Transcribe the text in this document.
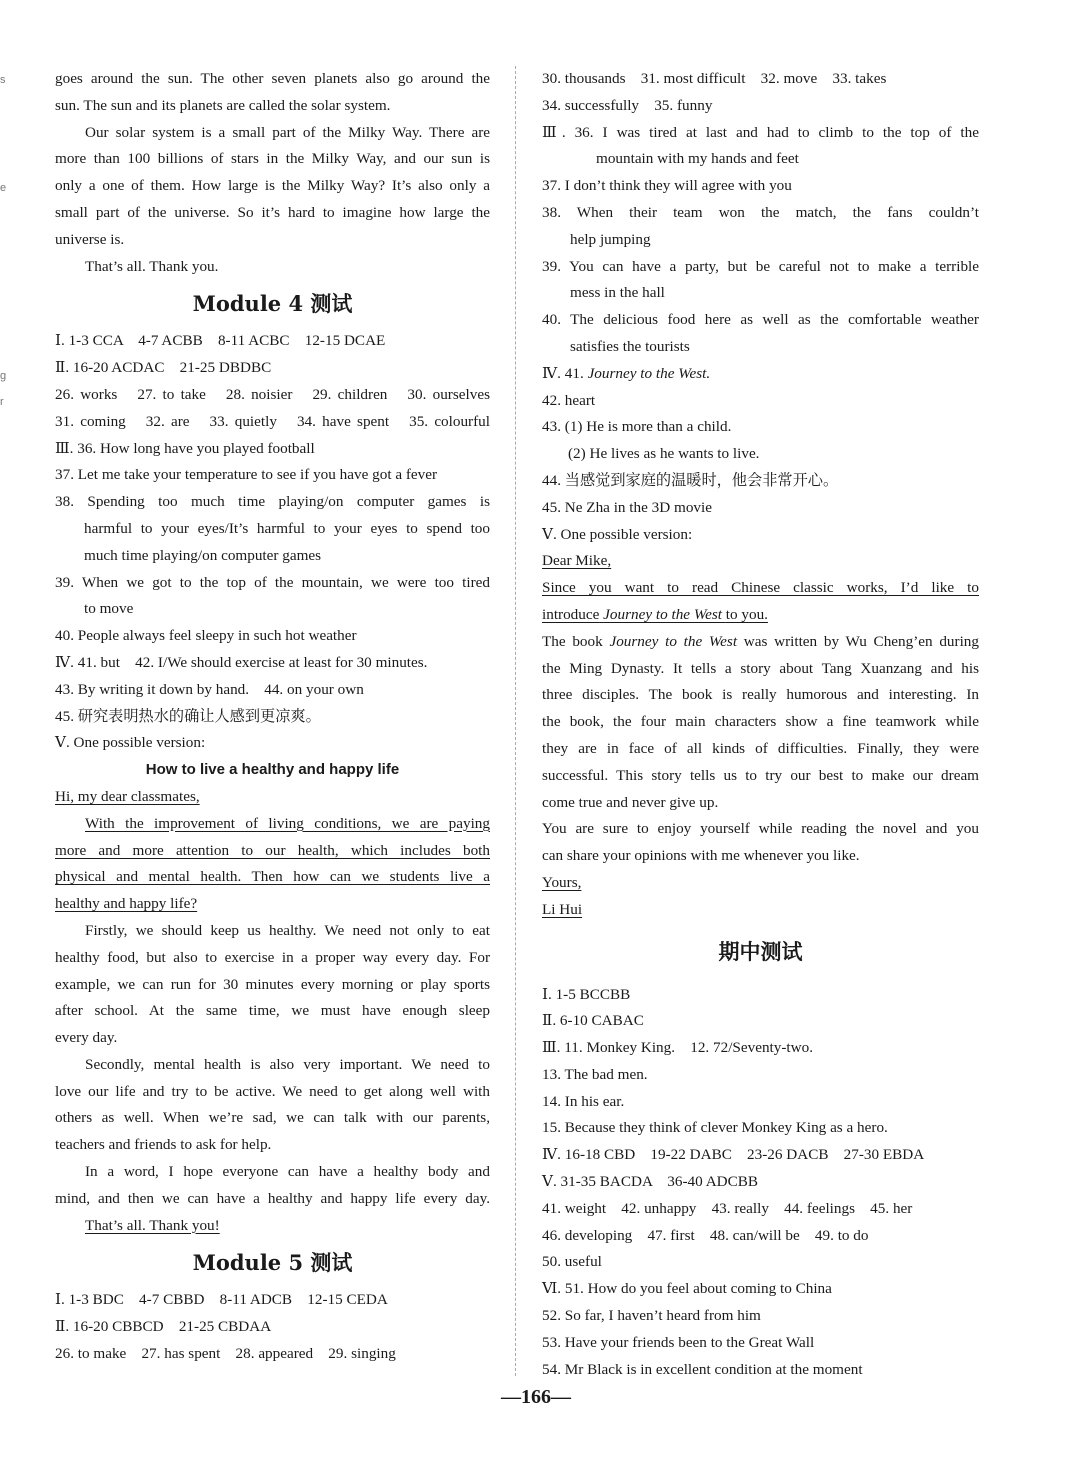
s
e
g
r
goes around the sun. The other seven planets also go around the
sun. The sun and its planets are called the solar system.
Our solar system is a small part of the Milky Way. There are
more than 100 billions of stars in the Milky Way, and our sun is
only a one of them. How large is the Milky Way? It’s also only a
small part of the universe. So it’s hard to imagine how large the
universe is.
That’s all. Thank you.
Module 4 测试
Ⅰ. 1-3 CCA　4-7 ACBB　8-11 ACBC　12-15 DCAE
Ⅱ. 16-20 ACDAC　21-25 DBDBC
26. works　27. to take　28. noisier　29. children　30. ourselves
31. coming　32. are　33. quietly　34. have spent　35. colourful
Ⅲ. 36. How long have you played football
37. Let me take your temperature to see if you have got a fever
38. Spending too much time playing/on computer games is
harmful to your eyes/It’s harmful to your eyes to spend too
much time playing/on computer games
39. When we got to the top of the mountain, we were too tired
to move
40. People always feel sleepy in such hot weather
Ⅳ. 41. but　42. I/We should exercise at least for 30 minutes.
43. By writing it down by hand.　44. on your own
45. 研究表明热水的确让人感到更凉爽。
Ⅴ. One possible version:
How to live a healthy and happy life
Hi, my dear classmates,
With the improvement of living conditions, we are paying
more and more attention to our health, which includes both
physical and mental health. Then how can we students live a
healthy and happy life?
Firstly, we should keep us healthy. We need not only to eat
healthy food, but also to exercise in a proper way every day. For
example, we can run for 30 minutes every morning or play sports
after school. At the same time, we must have enough sleep
every day.
Secondly, mental health is also very important. We need to
love our life and try to be active. We need to get along well with
others as well. When we’re sad, we can talk with our parents,
teachers and friends to ask for help.
In a word, I hope everyone can have a healthy body and
mind, and then we can have a healthy and happy life every day.
That’s all. Thank you!
Module 5 测试
Ⅰ. 1-3 BDC　4-7 CBBD　8-11 ADCB　12-15 CEDA
Ⅱ. 16-20 CBBCD　21-25 CBDAA
26. to make　27. has spent　28. appeared　29. singing
30. thousands　31. most difficult　32. move　33. takes
34. successfully　35. funny
Ⅲ. 36. I was tired at last and had to climb to the top of the
mountain with my hands and feet
37. I don’t think they will agree with you
38. When their team won the match, the fans couldn’t
help jumping
39. You can have a party, but be careful not to make a terrible
mess in the hall
40. The delicious food here as well as the comfortable weather
satisfies the tourists
Ⅳ. 41. Journey to the West.
42. heart
43. (1) He is more than a child.
(2) He lives as he wants to live.
44. 当感觉到家庭的温暖时，他会非常开心。
45. Ne Zha in the 3D movie
Ⅴ. One possible version:
Dear Mike,
Since you want to read Chinese classic works, I’d like to
introduce Journey to the West to you.
The book Journey to the West was written by Wu Cheng’en during
the Ming Dynasty. It tells a story about Tang Xuanzang and his
three disciples. The book is really humorous and interesting. In
the book, the four main characters show a fine teamwork while
they are in face of all kinds of difficulties. Finally, they were
successful. This story tells us to try our best to make our dream
come true and never give up.
You are sure to enjoy yourself while reading the novel and you
can share your opinions with me whenever you like.
Yours,
Li Hui
期中测试
Ⅰ. 1-5 BCCBB
Ⅱ. 6-10 CABAC
Ⅲ. 11. Monkey King.　12. 72/Seventy-two.
13. The bad men.
14. In his ear.
15. Because they think of clever Monkey King as a hero.
Ⅳ. 16-18 CBD　19-22 DABC　23-26 DACB　27-30 EBDA
Ⅴ. 31-35 BACDA　36-40 ADCBB
41. weight　42. unhappy　43. really　44. feelings　45. her
46. developing　47. first　48. can/will be　49. to do
50. useful
Ⅵ. 51. How do you feel about coming to China
52. So far, I haven’t heard from him
53. Have your friends been to the Great Wall
54. Mr Black is in excellent condition at the moment
—166—
